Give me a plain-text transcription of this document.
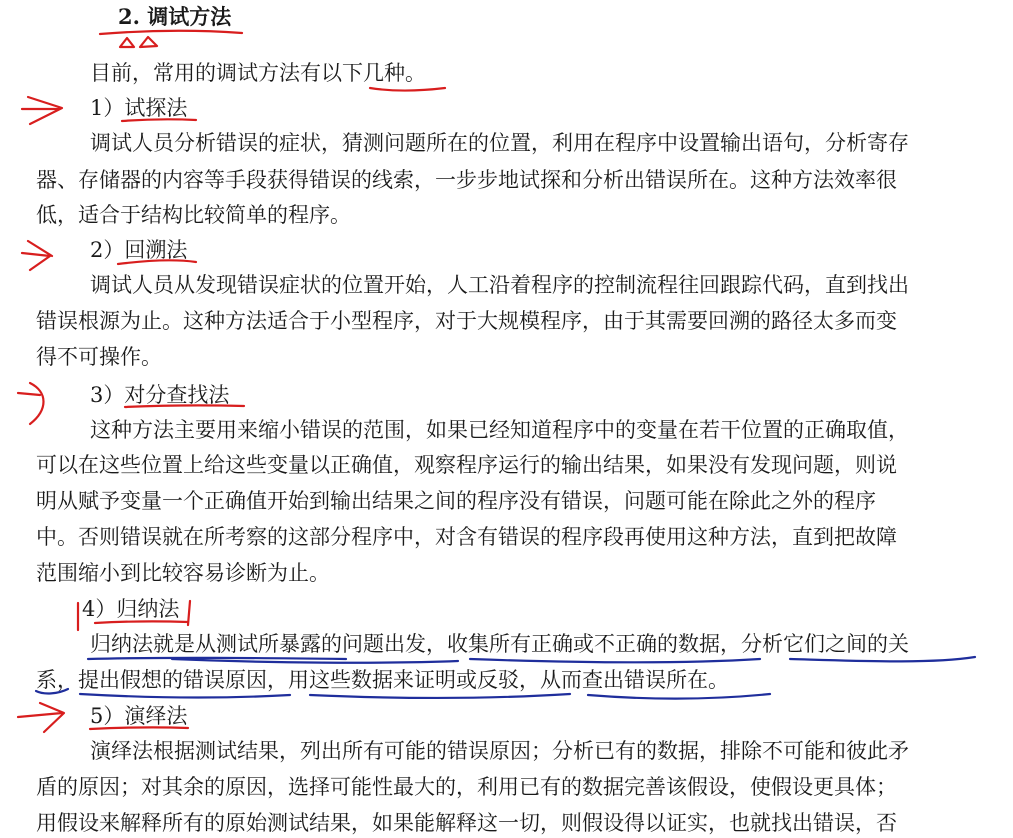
2. 调试方法
目前，常用的调试方法有以下几种。
1）试探法
调试人员分析错误的症状，猜测问题所在的位置，利用在程序中设置输出语句，分析寄存
器、存储器的内容等手段获得错误的线索，一步步地试探和分析出错误所在。这种方法效率很
低，适合于结构比较简单的程序。
2）回溯法
调试人员从发现错误症状的位置开始，人工沿着程序的控制流程往回跟踪代码，直到找出
错误根源为止。这种方法适合于小型程序，对于大规模程序，由于其需要回溯的路径太多而变
得不可操作。
3）对分查找法
这种方法主要用来缩小错误的范围，如果已经知道程序中的变量在若干位置的正确取值，
可以在这些位置上给这些变量以正确值，观察程序运行的输出结果，如果没有发现问题，则说
明从赋予变量一个正确值开始到输出结果之间的程序没有错误，问题可能在除此之外的程序
中。否则错误就在所考察的这部分程序中，对含有错误的程序段再使用这种方法，直到把故障
范围缩小到比较容易诊断为止。
4）归纳法
归纳法就是从测试所暴露的问题出发，收集所有正确或不正确的数据，分析它们之间的关
系，提出假想的错误原因，用这些数据来证明或反驳，从而查出错误所在。
5）演绎法
演绎法根据测试结果，列出所有可能的错误原因；分析已有的数据，排除不可能和彼此矛
盾的原因；对其余的原因，选择可能性最大的，利用已有的数据完善该假设，使假设更具体；
用假设来解释所有的原始测试结果，如果能解释这一切，则假设得以证实，也就找出错误，否
